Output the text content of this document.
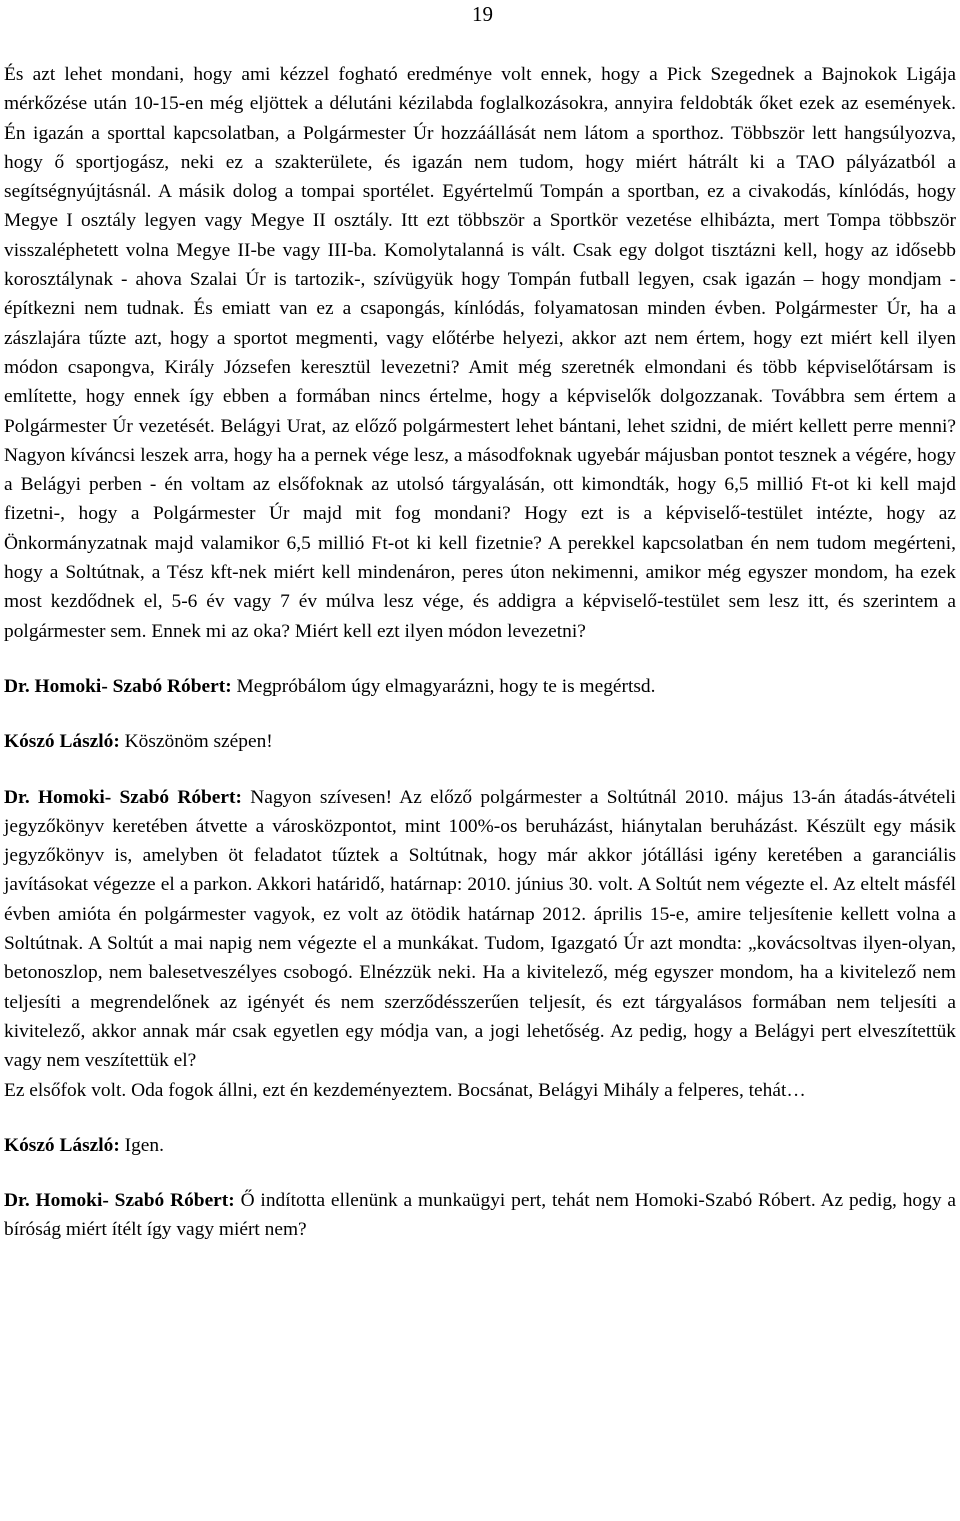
19

És azt lehet mondani, hogy ami kézzel fogható eredménye volt ennek, hogy a Pick Szegednek a Bajnokok Ligája mérkőzése után 10-15-en még eljöttek a délutáni kézilabda foglalkozásokra, annyira feldobták őket ezek az események. Én igazán a sporttal kapcsolatban, a Polgármester Úr hozzáállását nem látom a sporthoz. Többször lett hangsúlyozva, hogy ő sportjogász, neki ez a szakterülete, és igazán nem tudom, hogy miért hátrált ki a TAO pályázatból a segítségnyújtásnál. A másik dolog a tompai sportélet. Egyértelmű Tompán a sportban, ez a civakodás, kínlódás, hogy Megye I osztály legyen vagy Megye II osztály. Itt ezt többször a Sportkör vezetése elhibázta, mert Tompa többször visszaléphetett volna Megye II-be vagy III-ba. Komolytalanná is vált. Csak egy dolgot tisztázni kell, hogy az idősebb korosztálynak - ahova Szalai Úr is tartozik-, szívügyük hogy Tompán futball legyen, csak igazán – hogy mondjam - építkezni nem tudnak. És emiatt van ez a csapongás, kínlódás, folyamatosan minden évben. Polgármester Úr, ha a zászlajára tűzte azt, hogy a sportot megmenti, vagy előtérbe helyezi, akkor azt nem értem, hogy ezt miért kell ilyen módon csapongva, Király Józsefen keresztül levezetni? Amit még szeretnék elmondani és több képviselőtársam is említette, hogy ennek így ebben a formában nincs értelme, hogy a képviselők dolgozzanak. Továbbra sem értem a Polgármester Úr vezetését. Belágyi Urat, az előző polgármestert lehet bántani, lehet szidni, de miért kellett perre menni? Nagyon kíváncsi leszek arra, hogy ha a pernek vége lesz, a másodfoknak ugyebár májusban pontot tesznek a végére, hogy a Belágyi perben - én voltam az elsőfoknak az utolsó tárgyalásán, ott kimondták, hogy 6,5 millió Ft-ot ki kell majd fizetni-, hogy a Polgármester Úr majd mit fog mondani? Hogy ezt is a képviselő-testület intézte, hogy az Önkormányzatnak majd valamikor 6,5 millió Ft-ot ki kell fizetnie? A perekkel kapcsolatban én nem tudom megérteni, hogy a Soltútnak, a Tész kft-nek miért kell mindenáron, peres úton nekimenni, amikor még egyszer mondom, ha ezek most kezdődnek el, 5-6 év vagy 7 év múlva lesz vége, és addigra a képviselő-testület sem lesz itt, és szerintem a polgármester sem. Ennek mi az oka? Miért kell ezt ilyen módon levezetni?

Dr. Homoki- Szabó Róbert: Megpróbálom úgy elmagyarázni, hogy te is megértsd.

Kószó László: Köszönöm szépen!

Dr. Homoki- Szabó Róbert: Nagyon szívesen! Az előző polgármester a Soltútnál 2010. május 13-án átadás-átvételi jegyzőkönyv keretében átvette a városközpontot, mint 100%-os beruházást, hiánytalan beruházást. Készült egy másik jegyzőkönyv is, amelyben öt feladatot tűztek a Soltútnak, hogy már akkor jótállási igény keretében a garanciális javításokat végezze el a parkon. Akkori határidő, határnap: 2010. június 30. volt. A Soltút nem végezte el. Az eltelt másfél évben amióta én polgármester vagyok, ez volt az ötödik határnap 2012. április 15-e, amire teljesítenie kellett volna a Soltútnak. A Soltút a mai napig nem végezte el a munkákat. Tudom, Igazgató Úr azt mondta: „kovácsoltvas ilyen-olyan, betonoszlop, nem balesetveszélyes csobogó. Elnézzük neki. Ha a kivitelező, még egyszer mondom, ha a kivitelező nem teljesíti a megrendelőnek az igényét és nem szerződésszerűen teljesít, és ezt tárgyalásos formában nem teljesíti a kivitelező, akkor annak már csak egyetlen egy módja van, a jogi lehetőség. Az pedig, hogy a Belágyi pert elveszítettük vagy nem veszítettük el?

Ez elsőfok volt. Oda fogok állni, ezt én kezdeményeztem. Bocsánat, Belágyi Mihály a felperes, tehát…

Kószó László: Igen.

Dr. Homoki- Szabó Róbert: Ő indította ellenünk a munkaügyi pert, tehát nem Homoki-Szabó Róbert. Az pedig, hogy a bíróság miért ítélt így vagy miért nem?
